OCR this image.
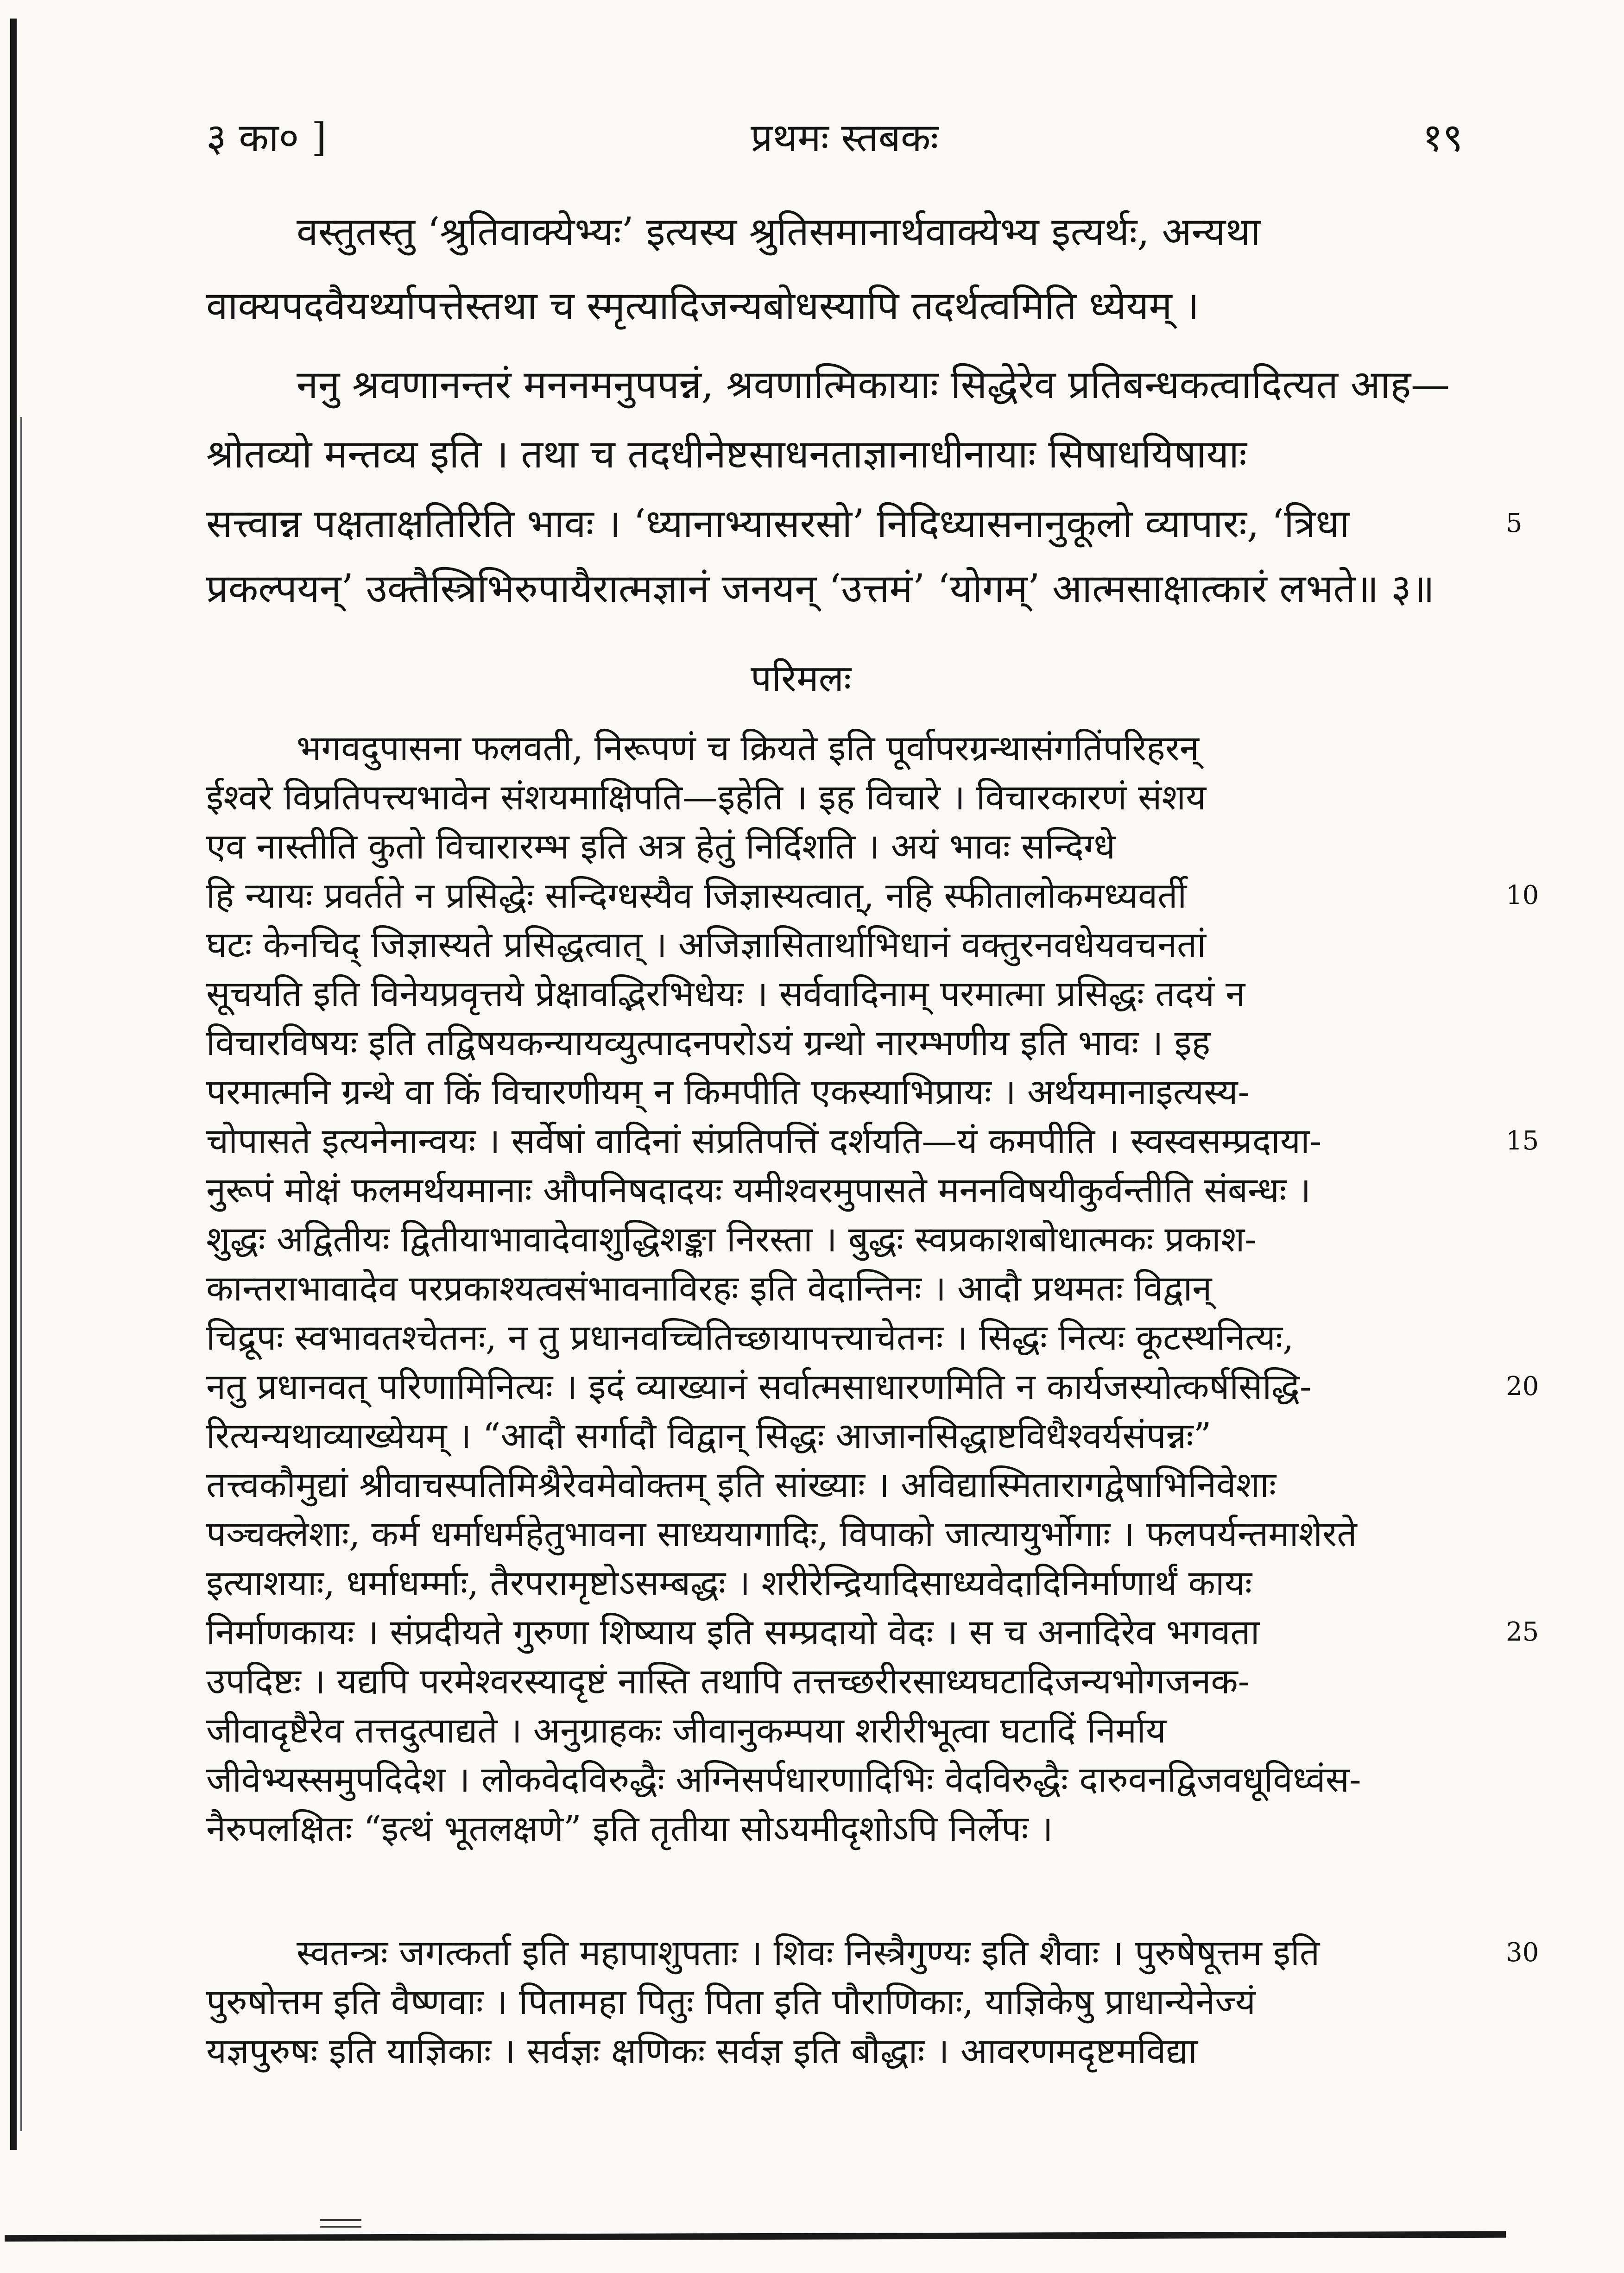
३ का० ]	प्रथमः स्तबकः	१९
वस्तुतस्तु ‘श्रुतिवाक्येभ्यः’ इत्यस्य श्रुतिसमानार्थवाक्येभ्य इत्यर्थः, अन्यथा
वाक्यपदवैयर्थ्यापत्तेस्तथा च स्मृत्यादिजन्यबोधस्यापि तदर्थत्वमिति ध्येयम् ।
ननु श्रवणानन्तरं मननमनुपपन्नं, श्रवणात्मिकायाः सिद्धेरेव प्रतिबन्धकत्वादित्यत आह—
श्रोतव्यो मन्तव्य इति । तथा च तदधीनेष्टसाधनताज्ञानाधीनायाः सिषाधयिषायाः
सत्त्वान्न पक्षताक्षतिरिति भावः । ‘ध्यानाभ्यासरसो’ निदिध्यासनानुकूलो व्यापारः, ‘त्रिधा
प्रकल्पयन्’ उक्तैस्त्रिभिरुपायैरात्मज्ञानं जनयन् ‘उत्तमं’ ‘योगम्’ आत्मसाक्षात्कारं लभते॥ ३॥
परिमलः
भगवदुपासना फलवती, निरूपणं च क्रियते इति पूर्वापरग्रन्थासंगतिंपरिहरन्
ईश्वरे विप्रतिपत्त्यभावेन संशयमाक्षिपति—इहेति । इह विचारे । विचारकारणं संशय
एव नास्तीति कुतो विचारारम्भ इति अत्र हेतुं निर्दिशति । अयं भावः सन्दिग्धे
हि न्यायः प्रवर्तते न प्रसिद्धेः सन्दिग्धस्यैव जिज्ञास्यत्वात्, नहि स्फीतालोकमध्यवर्ती
घटः केनचिद् जिज्ञास्यते प्रसिद्धत्वात् । अजिज्ञासितार्थाभिधानं वक्तुरनवधेयवचनतां
सूचयति इति विनेयप्रवृत्तये प्रेक्षावद्भिरभिधेयः । सर्ववादिनाम् परमात्मा प्रसिद्धः तदयं न
विचारविषयः इति तद्विषयकन्यायव्युत्पादनपरोऽयं ग्रन्थो नारम्भणीय इति भावः । इह
परमात्मनि ग्रन्थे वा किं विचारणीयम् न किमपीति एकस्याभिप्रायः । अर्थयमानाइत्यस्य-
चोपासते इत्यनेनान्वयः । सर्वेषां वादिनां संप्रतिपत्तिं दर्शयति—यं कमपीति । स्वस्वसम्प्रदाया-
नुरूपं मोक्षं फलमर्थयमानाः औपनिषदादयः यमीश्वरमुपासते मननविषयीकुर्वन्तीति संबन्धः ।
शुद्धः अद्वितीयः द्वितीयाभावादेवाशुद्धिशङ्का निरस्ता । बुद्धः स्वप्रकाशबोधात्मकः प्रकाश-
कान्तराभावादेव परप्रकाश्यत्वसंभावनाविरहः इति वेदान्तिनः । आदौ प्रथमतः विद्वान्
चिद्रूपः स्वभावतश्चेतनः, न तु प्रधानवच्चितिच्छायापत्त्याचेतनः । सिद्धः नित्यः कूटस्थनित्यः,
नतु प्रधानवत् परिणामिनित्यः । इदं व्याख्यानं सर्वात्मसाधारणमिति न कार्यजस्योत्कर्षसिद्धि-
रित्यन्यथाव्याख्येयम् । “आदौ सर्गादौ विद्वान् सिद्धः आजानसिद्धाष्टविधैश्वर्यसंपन्नः”
तत्त्वकौमुद्यां श्रीवाचस्पतिमिश्रैरेवमेवोक्तम् इति सांख्याः । अविद्यास्मितारागद्वेषाभिनिवेशाः
पञ्चक्लेशाः, कर्म धर्माधर्महेतुभावना साध्ययागादिः, विपाको जात्यायुर्भोगाः । फलपर्यन्तमाशेरते
इत्याशयाः, धर्माधर्म्माः, तैरपरामृष्टोऽसम्बद्धः । शरीरेन्द्रियादिसाध्यवेदादिनिर्माणार्थं कायः
निर्माणकायः । संप्रदीयते गुरुणा शिष्याय इति सम्प्रदायो वेदः । स च अनादिरेव भगवता
उपदिष्टः । यद्यपि परमेश्वरस्यादृष्टं नास्ति तथापि तत्तच्छरीरसाध्यघटादिजन्यभोगजनक-
जीवादृष्टैरेव तत्तदुत्पाद्यते । अनुग्राहकः जीवानुकम्पया शरीरीभूत्वा घटादिं निर्माय
जीवेभ्यस्समुपदिदेश । लोकवेदविरुद्धैः अग्निसर्पधारणादिभिः वेदविरुद्धैः दारुवनद्विजवधूविध्वंस-
नैरुपलक्षितः “इत्थं भूतलक्षणे” इति तृतीया सोऽयमीदृशोऽपि निर्लेपः ।
स्वतन्त्रः जगत्कर्ता इति महापाशुपताः । शिवः निस्त्रैगुण्यः इति शैवाः । पुरुषेषूत्तम इति
पुरुषोत्तम इति वैष्णवाः । पितामहा पितुः पिता इति पौराणिकाः, याज्ञिकेषु प्राधान्येनेज्यं
यज्ञपुरुषः इति याज्ञिकाः । सर्वज्ञः क्षणिकः सर्वज्ञ इति बौद्धाः । आवरणमदृष्टमविद्या
5
10
15
20
25
30
